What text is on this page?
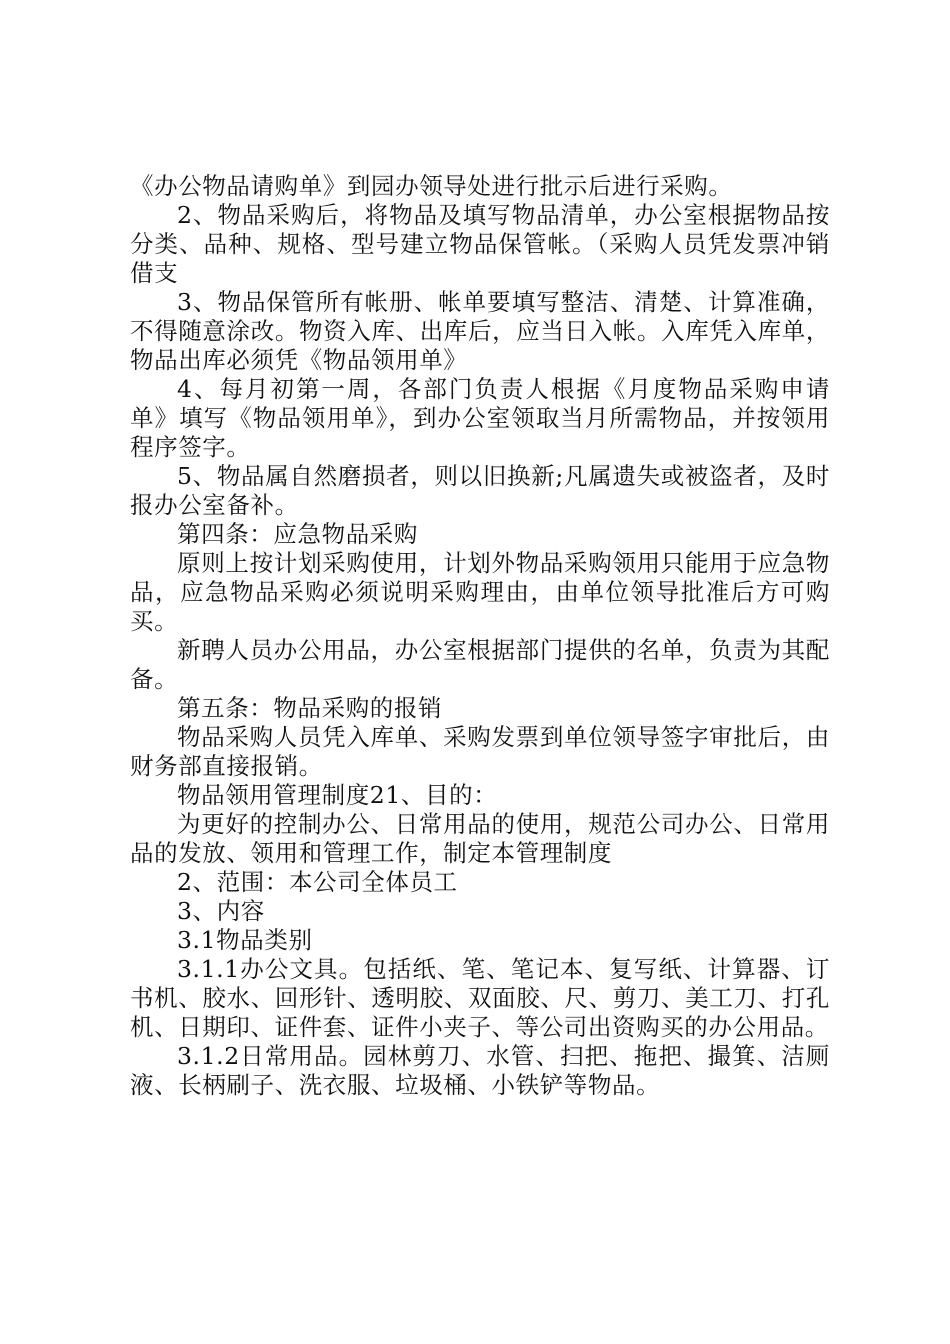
《办公物品请购单》到园办领导处进行批示后进行采购。

2、物品采购后，将物品及填写物品清单，办公室根据物品按分类、品种、规格、型号建立物品保管帐。（采购人员凭发票冲销借支

3、物品保管所有帐册、帐单要填写整洁、清楚、计算准确，不得随意涂改。物资入库、出库后，应当日入帐。入库凭入库单，物品出库必须凭《物品领用单》

4、每月初第一周，各部门负责人根据《月度物品采购申请单》填写《物品领用单》，到办公室领取当月所需物品，并按领用程序签字。

5、物品属自然磨损者，则以旧换新;凡属遗失或被盗者，及时报办公室备补。

第四条：应急物品采购

原则上按计划采购使用，计划外物品采购领用只能用于应急物品，应急物品采购必须说明采购理由，由单位领导批准后方可购买。

新聘人员办公用品，办公室根据部门提供的名单，负责为其配备。

第五条：物品采购的报销

物品采购人员凭入库单、采购发票到单位领导签字审批后，由财务部直接报销。

物品领用管理制度21、目的：

为更好的控制办公、日常用品的使用，规范公司办公、日常用品的发放、领用和管理工作，制定本管理制度

2、范围：本公司全体员工

3、内容

3.1物品类别

3.1.1办公文具。包括纸、笔、笔记本、复写纸、计算器、订书机、胶水、回形针、透明胶、双面胶、尺、剪刀、美工刀、打孔机、日期印、证件套、证件小夹子、等公司出资购买的办公用品。

3.1.2日常用品。园林剪刀、水管、扫把、拖把、撮箕、洁厕液、长柄刷子、洗衣服、垃圾桶、小铁铲等物品。
